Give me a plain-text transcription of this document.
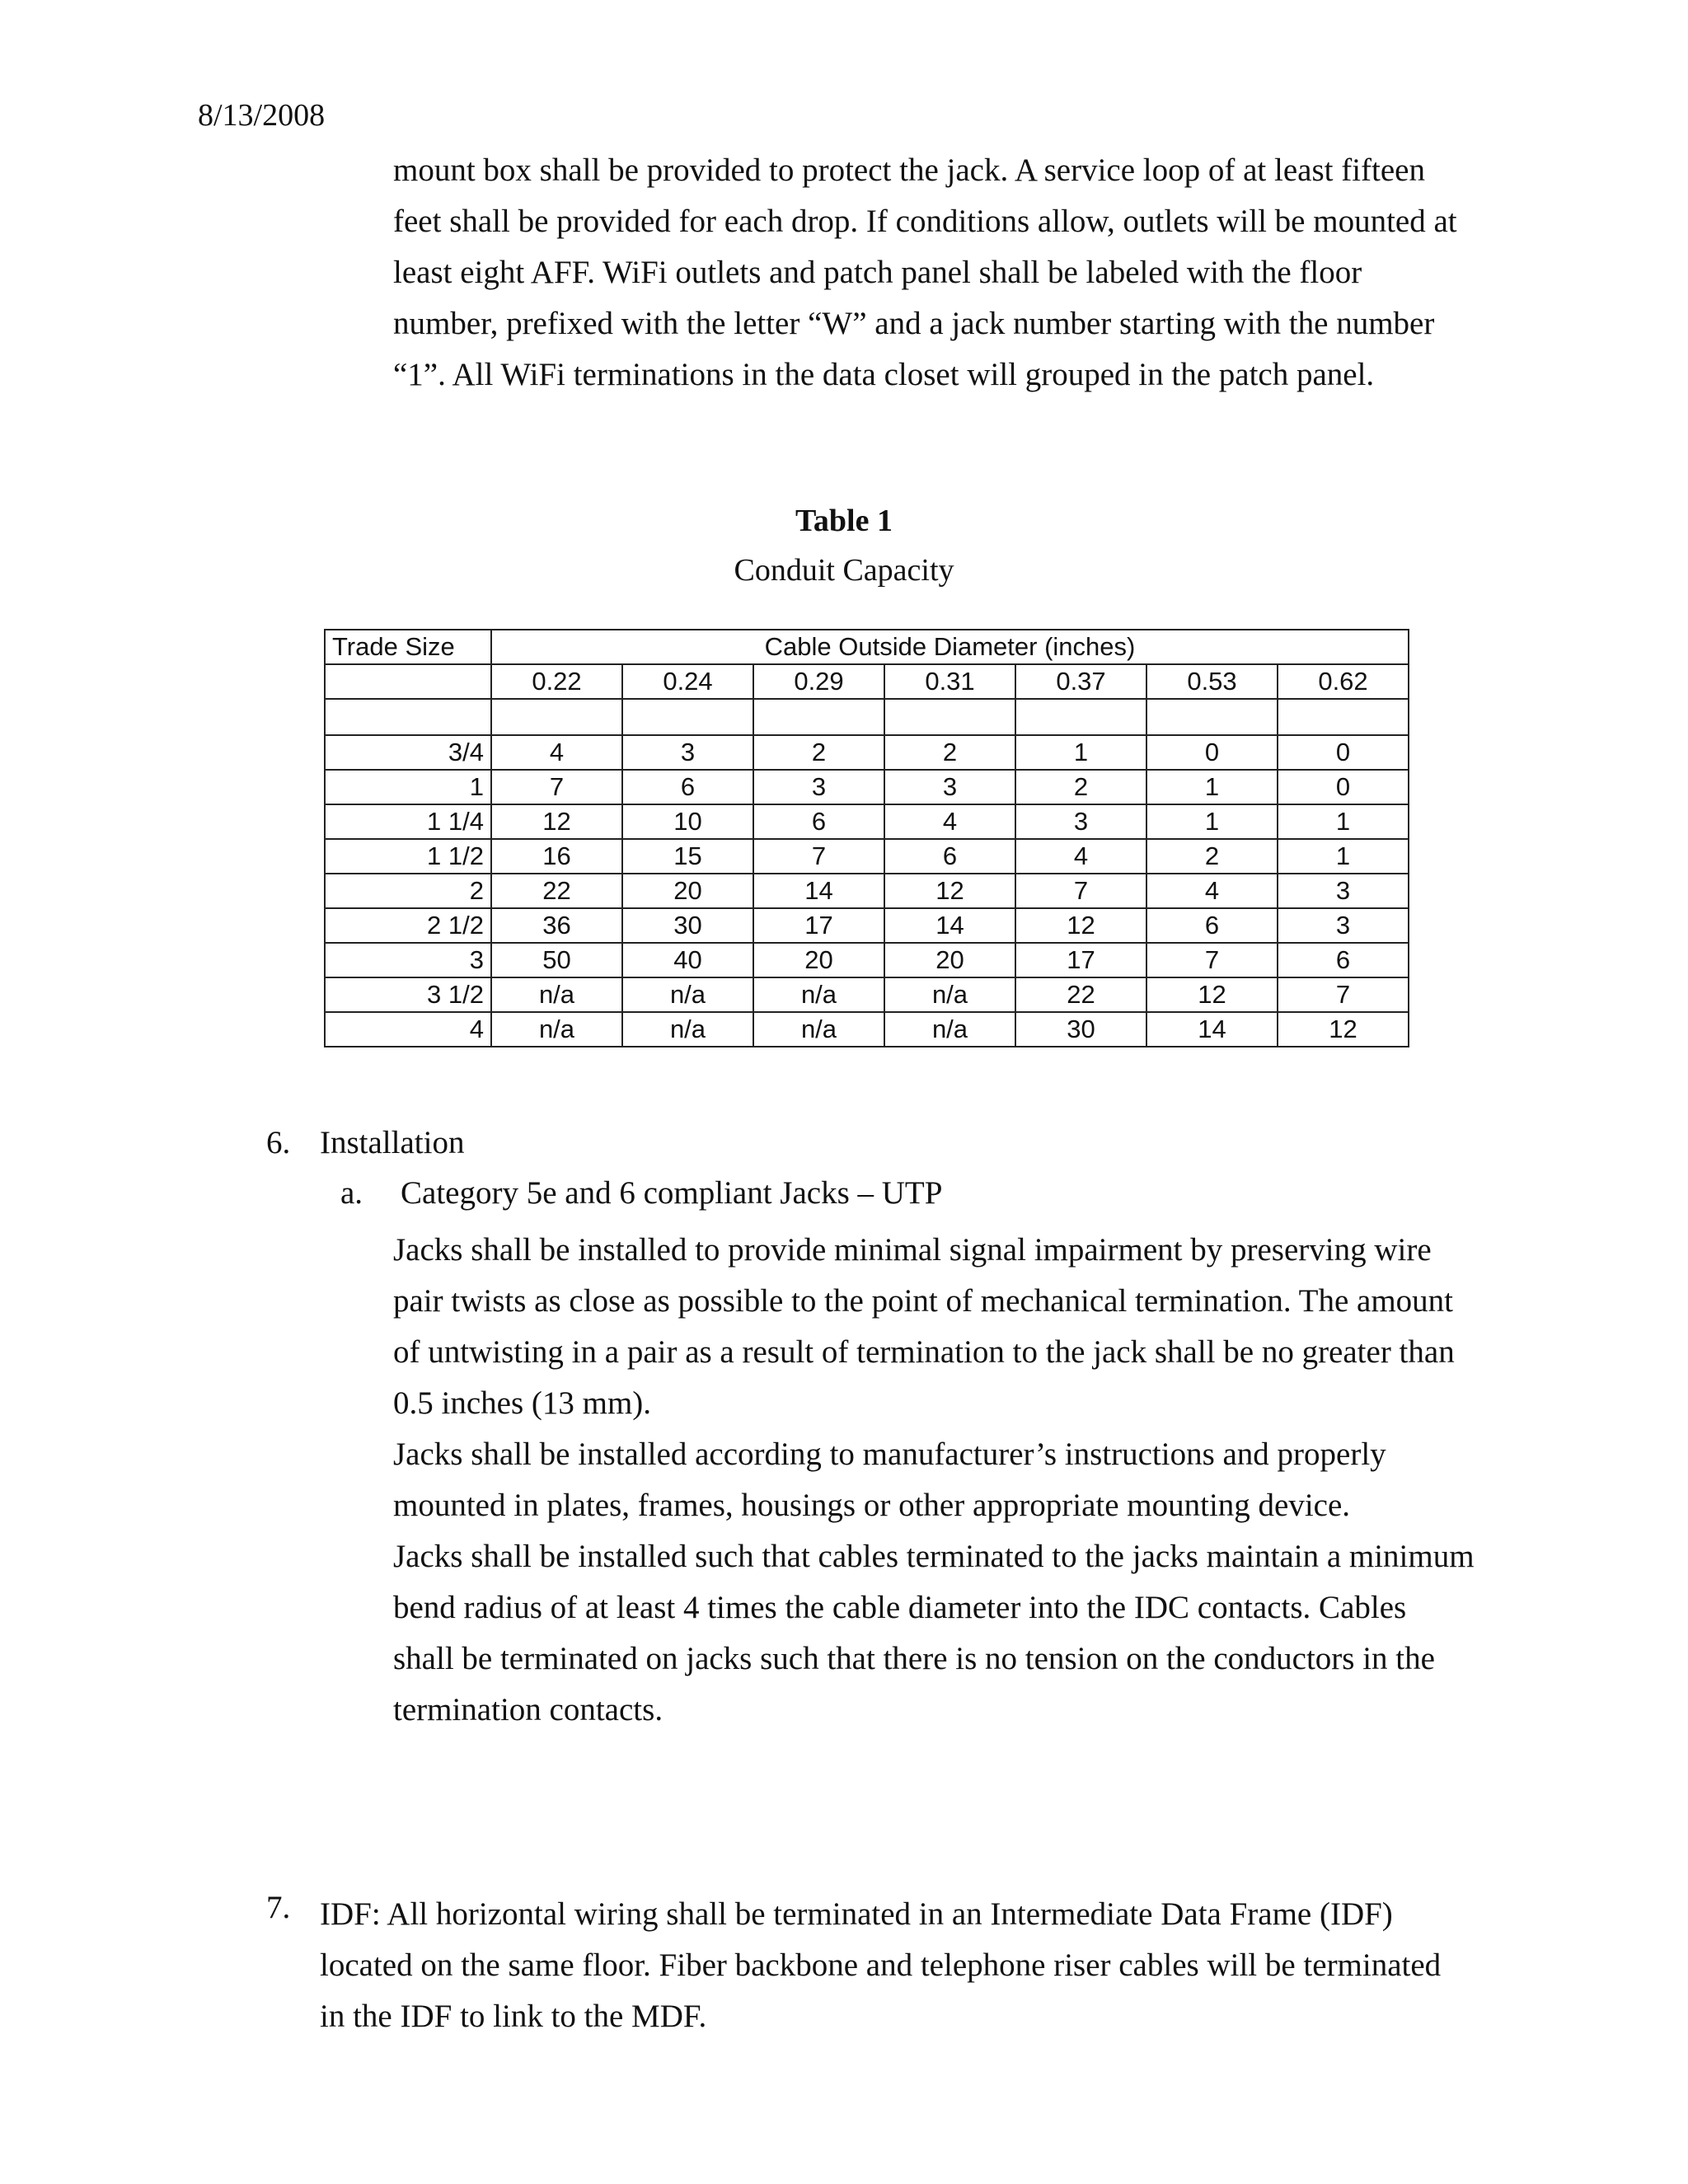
8/13/2008
mount box shall be provided to protect the jack. A service loop of at least fifteen
feet shall be provided for each drop. If conditions allow, outlets will be mounted at
least eight AFF. WiFi outlets and patch panel shall be labeled with the floor
number, prefixed with the letter “W” and a jack number starting with the number
“1”. All WiFi terminations in the data closet will grouped in the patch panel.
Table 1
Conduit Capacity
Trade Size	Cable Outside Diameter (inches)						
	0.22	0.24	0.29	0.31	0.37	0.53	0.62

3/4	4	3	2	2	1	0	0
1	7	6	3	3	2	1	0
1 1/4	12	10	6	4	3	1	1
1 1/2	16	15	7	6	4	2	1
2	22	20	14	12	7	4	3
2 1/2	36	30	17	14	12	6	3
3	50	40	20	20	17	7	6
3 1/2	n/a	n/a	n/a	n/a	22	12	7
4	n/a	n/a	n/a	n/a	30	14	12
6. Installation
a. Category 5e and 6 compliant Jacks – UTP
Jacks shall be installed to provide minimal signal impairment by preserving wire
pair twists as close as possible to the point of mechanical termination. The amount
of untwisting in a pair as a result of termination to the jack shall be no greater than
0.5 inches (13 mm).
Jacks shall be installed according to manufacturer’s instructions and properly
mounted in plates, frames, housings or other appropriate mounting device.
Jacks shall be installed such that cables terminated to the jacks maintain a minimum
bend radius of at least 4 times the cable diameter into the IDC contacts. Cables
shall be terminated on jacks such that there is no tension on the conductors in the
termination contacts.
7. IDF: All horizontal wiring shall be terminated in an Intermediate Data Frame (IDF)
located on the same floor. Fiber backbone and telephone riser cables will be terminated
in the IDF to link to the MDF.
